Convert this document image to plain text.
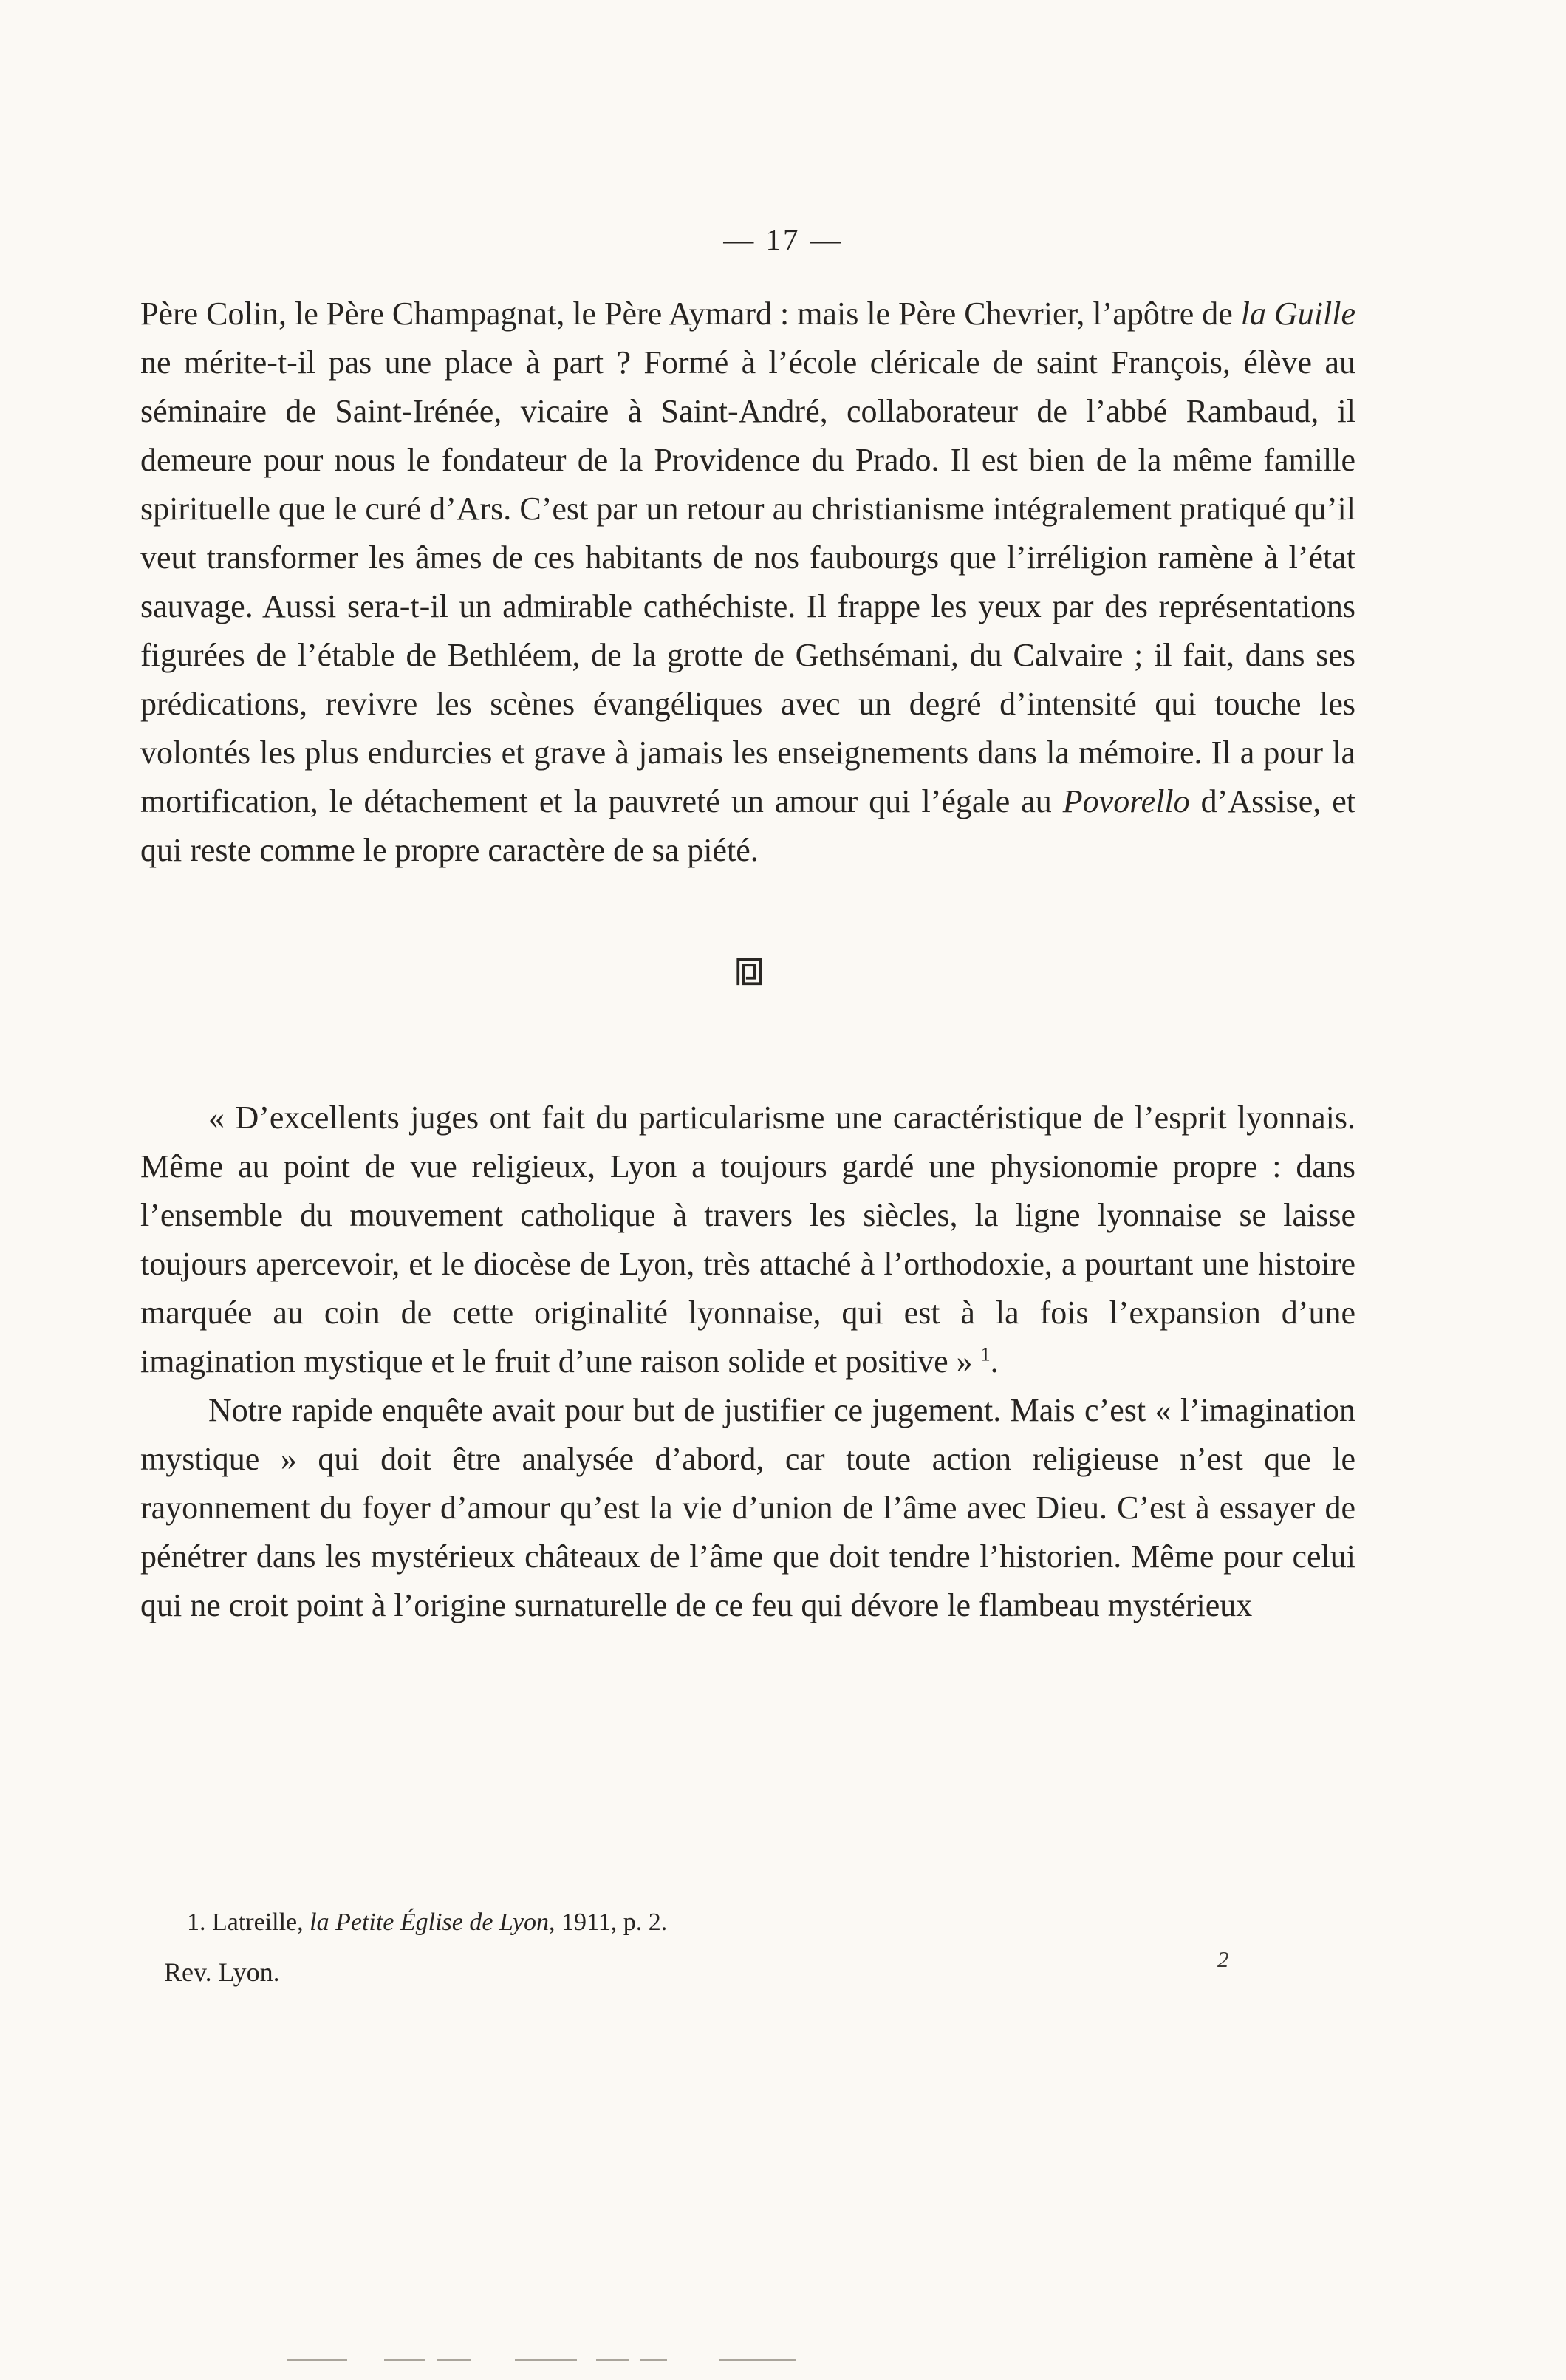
— 17 —

Père Colin, le Père Champagnat, le Père Aymard : mais le Père Chevrier, l’apôtre de la Guille ne mérite-t-il pas une place à part ? Formé à l’école cléricale de saint François, élève au séminaire de Saint-Irénée, vicaire à Saint-André, collaborateur de l’abbé Rambaud, il demeure pour nous le fondateur de la Providence du Prado. Il est bien de la même famille spirituelle que le curé d’Ars. C’est par un retour au christianisme intégralement pratiqué qu’il veut transformer les âmes de ces habitants de nos faubourgs que l’irréligion ramène à l’état sauvage. Aussi sera-t-il un admirable cathéchiste. Il frappe les yeux par des représentations figurées de l’étable de Bethléem, de la grotte de Gethsémani, du Calvaire ; il fait, dans ses prédications, revivre les scènes évangéliques avec un degré d’intensité qui touche les volontés les plus endurcies et grave à jamais les enseignements dans la mémoire. Il a pour la mortification, le détachement et la pauvreté un amour qui l’égale au Povorello d’Assise, et qui reste comme le propre caractère de sa piété.

« D’excellents juges ont fait du particularisme une caractéristique de l’esprit lyonnais. Même au point de vue religieux, Lyon a toujours gardé une physionomie propre : dans l’ensemble du mouvement catholique à travers les siècles, la ligne lyonnaise se laisse toujours apercevoir, et le diocèse de Lyon, très attaché à l’orthodoxie, a pourtant une histoire marquée au coin de cette originalité lyonnaise, qui est à la fois l’expansion d’une imagination mystique et le fruit d’une raison solide et positive » $^1$.

Notre rapide enquête avait pour but de justifier ce jugement. Mais c’est « l’imagination mystique » qui doit être analysée d’abord, car toute action religieuse n’est que le rayonnement du foyer d’amour qu’est la vie d’union de l’âme avec Dieu. C’est à essayer de pénétrer dans les mystérieux châteaux de l’âme que doit tendre l’historien. Même pour celui qui ne croit point à l’origine surnaturelle de ce feu qui dévore le flambeau mystérieux

1. Latreille, la Petite Église de Lyon, 1911, p. 2.
Rev. Lyon.	2
